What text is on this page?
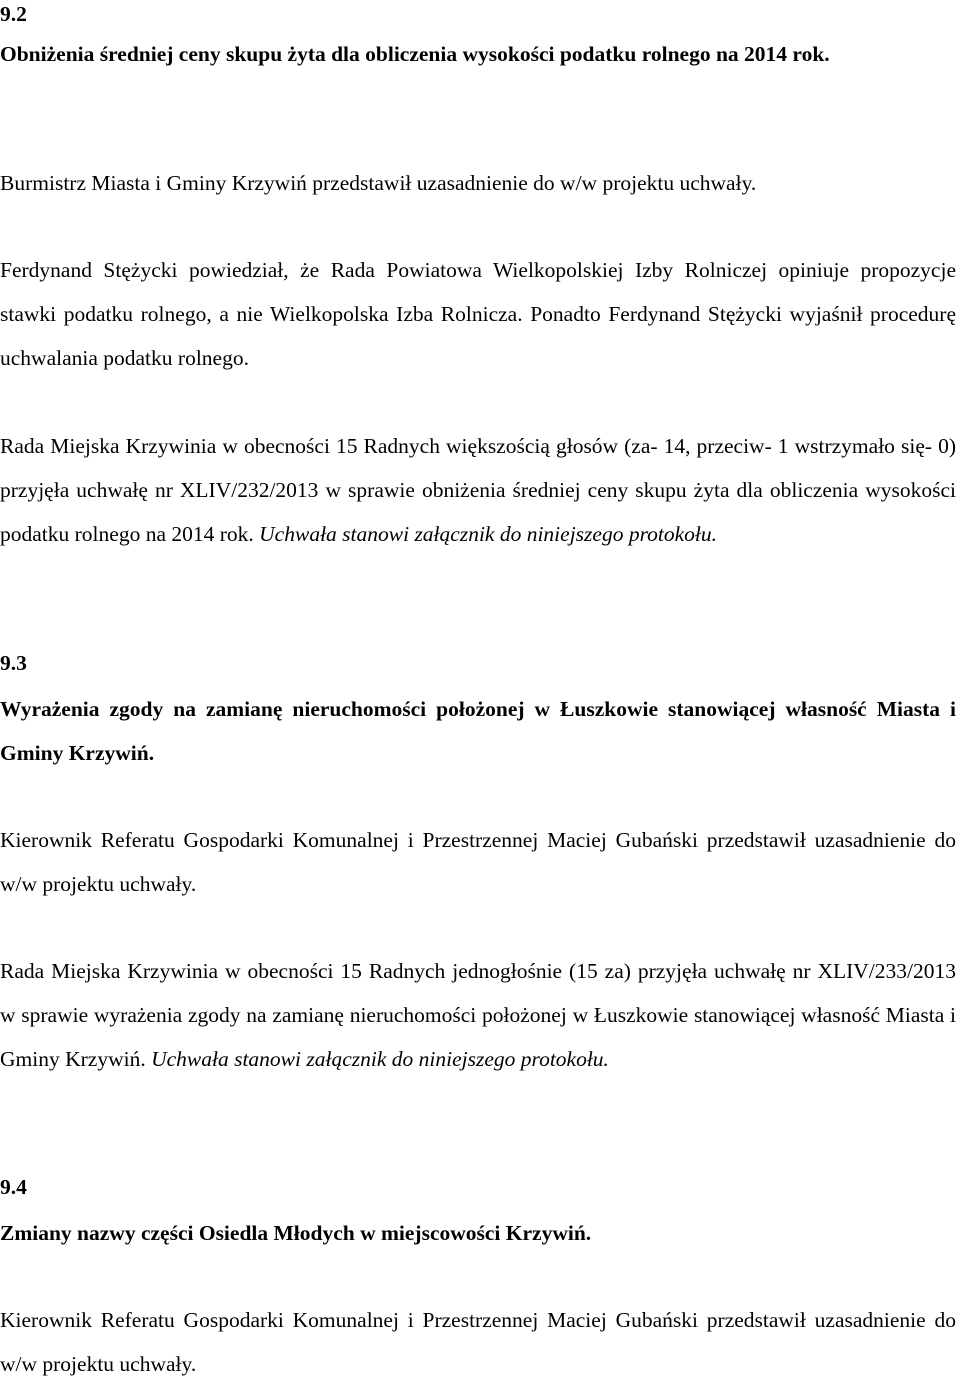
9.2
Obniżenia średniej ceny skupu żyta dla obliczenia wysokości podatku rolnego na 2014 rok.

Burmistrz Miasta i Gminy Krzywiń przedstawił uzasadnienie do w/w projektu uchwały.

Ferdynand Stężycki powiedział, że Rada Powiatowa Wielkopolskiej Izby Rolniczej opiniuje propozycje stawki podatku rolnego, a nie Wielkopolska Izba Rolnicza. Ponadto Ferdynand Stężycki wyjaśnił procedurę uchwalania podatku rolnego.

Rada Miejska Krzywinia w obecności 15 Radnych większością głosów (za- 14, przeciw- 1 wstrzymało się- 0) przyjęła uchwałę nr XLIV/232/2013 w sprawie obniżenia średniej ceny skupu żyta dla obliczenia wysokości podatku rolnego na 2014 rok. Uchwała stanowi załącznik do niniejszego protokołu.

9.3
Wyrażenia zgody na zamianę nieruchomości położonej w Łuszkowie stanowiącej własność Miasta i Gminy Krzywiń.

Kierownik Referatu Gospodarki Komunalnej i Przestrzennej Maciej Gubański przedstawił uzasadnienie do w/w projektu uchwały.

Rada Miejska Krzywinia w obecności 15 Radnych jednogłośnie (15 za) przyjęła uchwałę nr XLIV/233/2013 w sprawie wyrażenia zgody na zamianę nieruchomości położonej w Łuszkowie stanowiącej własność Miasta i Gminy Krzywiń. Uchwała stanowi załącznik do niniejszego protokołu.

9.4
Zmiany nazwy części Osiedla Młodych w miejscowości Krzywiń.

Kierownik Referatu Gospodarki Komunalnej i Przestrzennej Maciej Gubański przedstawił uzasadnienie do w/w projektu uchwały.
